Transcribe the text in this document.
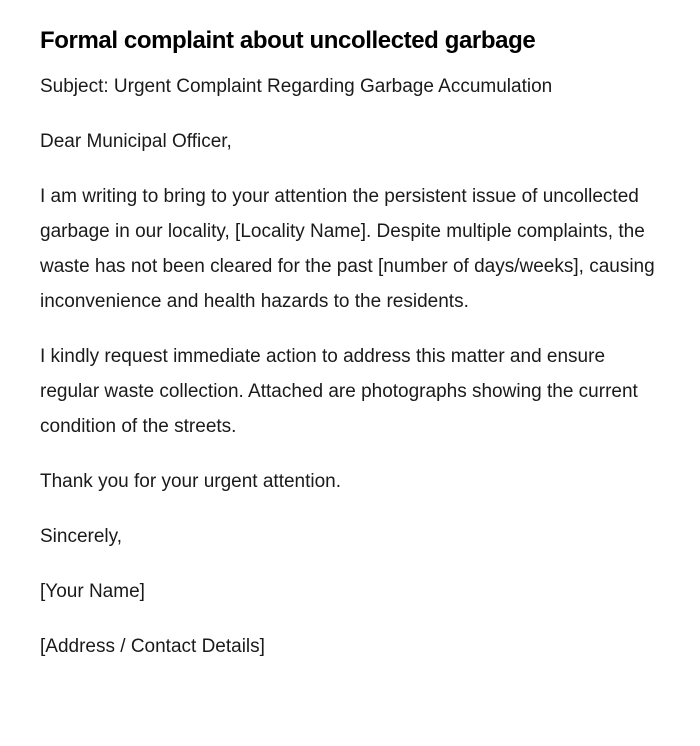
Formal complaint about uncollected garbage

Subject: Urgent Complaint Regarding Garbage Accumulation

Dear Municipal Officer,

I am writing to bring to your attention the persistent issue of uncollected garbage in our locality, [Locality Name]. Despite multiple complaints, the waste has not been cleared for the past [number of days/weeks], causing inconvenience and health hazards to the residents.

I kindly request immediate action to address this matter and ensure regular waste collection. Attached are photographs showing the current condition of the streets.

Thank you for your urgent attention.

Sincerely,

[Your Name]

[Address / Contact Details]
